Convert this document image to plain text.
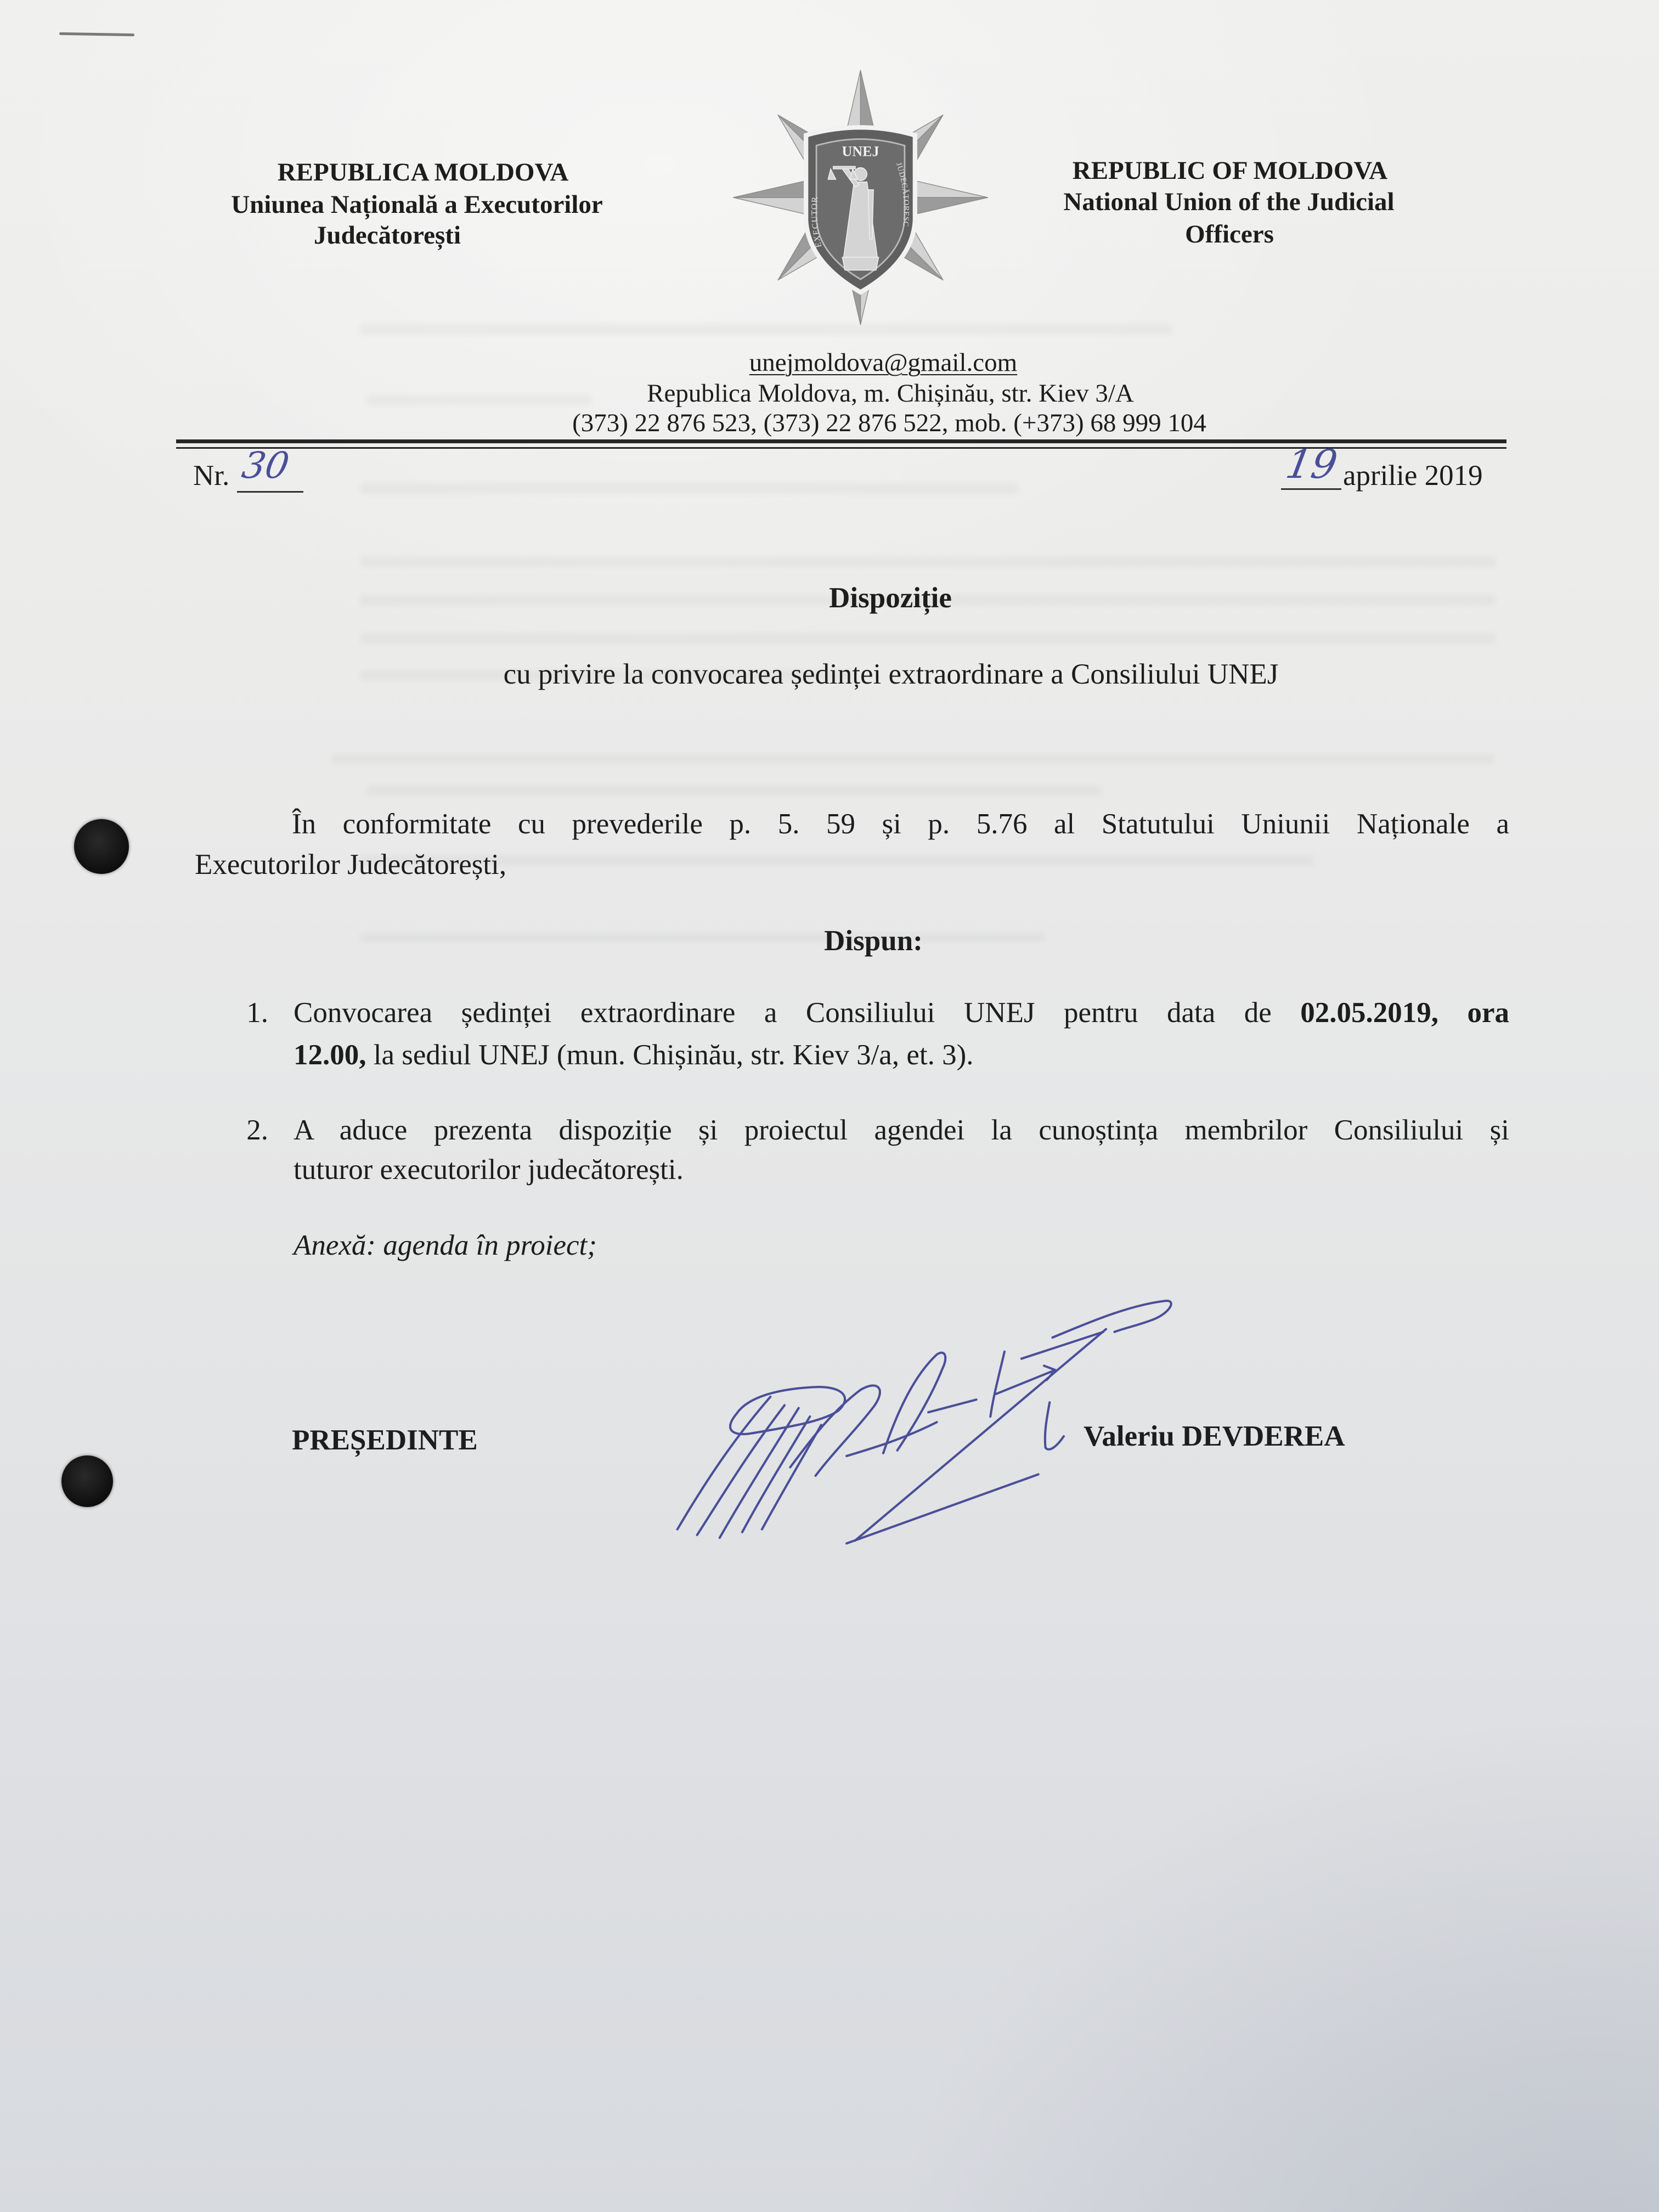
REPUBLICA MOLDOVA
Uniunea Națională a Executorilor
Judecătorești
REPUBLIC OF MOLDOVA
National Union of the Judicial
Officers
UNEJ
EXECUTOR
JUDECĂTORESC
unejmoldova@gmail.com
Republica Moldova, m. Chișinău, str. Kiev 3/A
(373) 22 876 523, (373) 22 876 522, mob. (+373) 68 999 104
Nr. 30	19 aprilie 2019
Dispoziție
cu privire la convocarea ședinței extraordinare a Consiliului UNEJ
În conformitate cu prevederile p. 5. 59 și p. 5.76 al Statutului Uniunii Naționale a
Executorilor Judecătorești,
Dispun:
1. Convocarea ședinței extraordinare a Consiliului UNEJ pentru data de 02.05.2019, ora
12.00, la sediul UNEJ (mun. Chișinău, str. Kiev 3/a, et. 3).
2. A aduce prezenta dispoziție și proiectul agendei la cunoștința membrilor Consiliului și
tuturor executorilor judecătorești.
Anexă: agenda în proiect;
PREȘEDINTE	Valeriu DEVDEREA
